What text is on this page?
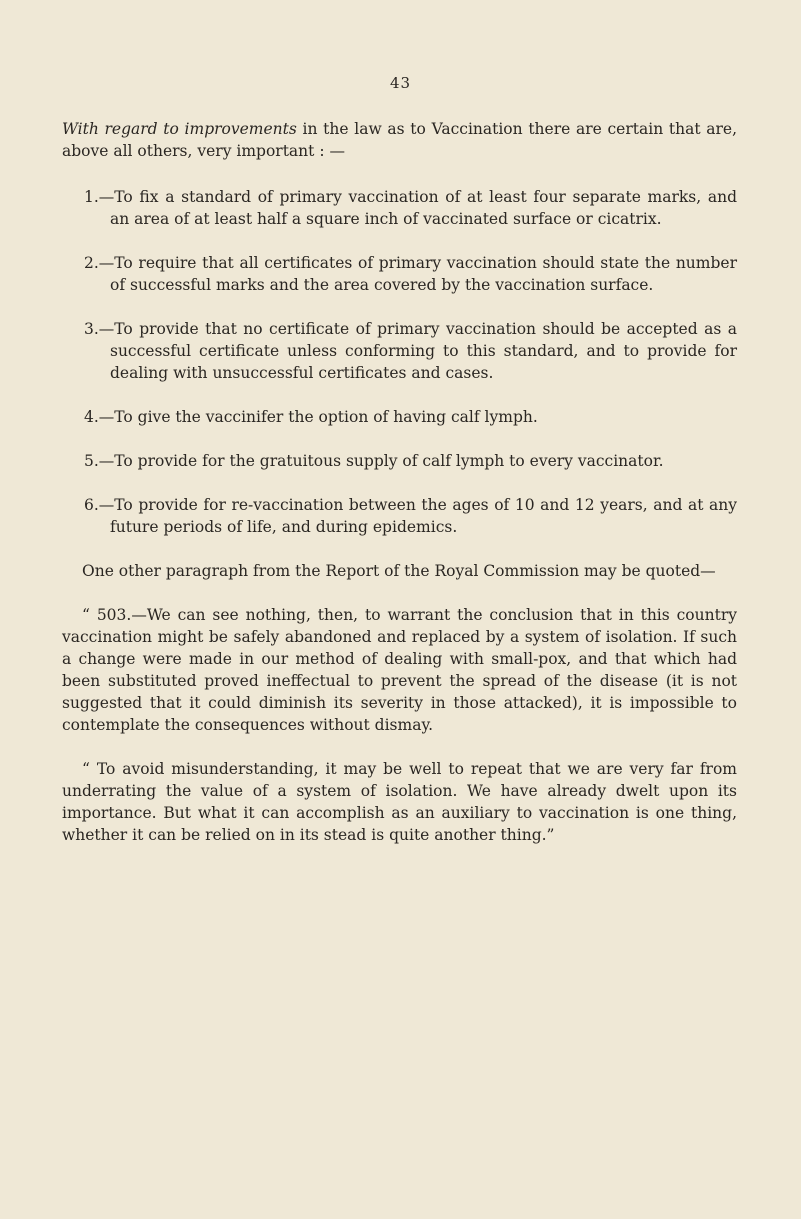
43

With regard to improvements in the law as to Vaccination there are certain that are, above all others, very important : —

1.—To fix a standard of primary vaccination of at least four separate marks, and an area of at least half a square inch of vaccinated surface or cicatrix.
2.—To require that all certificates of primary vaccination should state the number of successful marks and the area covered by the vaccination surface.
3.—To provide that no certificate of primary vaccination should be accepted as a successful certificate unless conforming to this standard, and to provide for dealing with unsuccessful certificates and cases.
4.—To give the vaccinifer the option of having calf lymph.
5.—To provide for the gratuitous supply of calf lymph to every vaccinator.
6.—To provide for re-vaccination between the ages of 10 and 12 years, and at any future periods of life, and during epidemics.

One other paragraph from the Report of the Royal Commission may be quoted—

“ 503.—We can see nothing, then, to warrant the conclusion that in this country vaccination might be safely abandoned and replaced by a system of isolation. If such a change were made in our method of dealing with small-pox, and that which had been substituted proved ineffectual to prevent the spread of the disease (it is not suggested that it could diminish its severity in those attacked), it is impossible to contemplate the consequences without dismay.

“ To avoid misunderstanding, it may be well to repeat that we are very far from underrating the value of a system of isolation. We have already dwelt upon its importance. But what it can accomplish as an auxiliary to vaccination is one thing, whether it can be relied on in its stead is quite another thing.”
